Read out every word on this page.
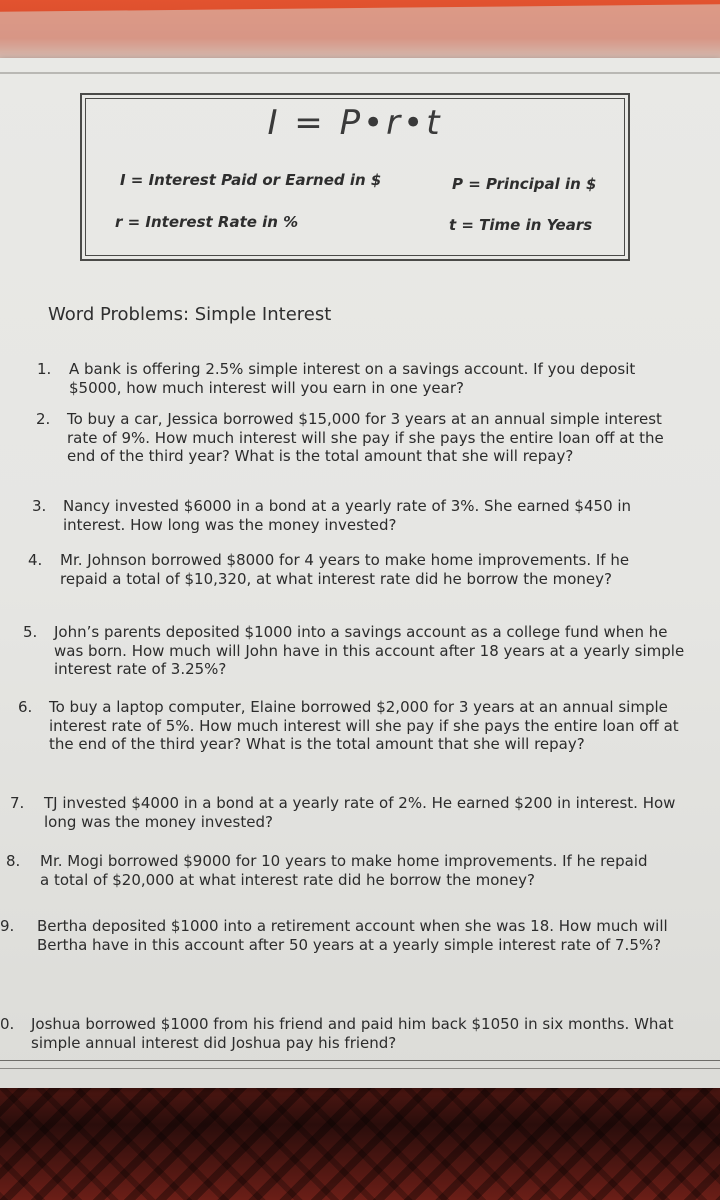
I = P•r•t
I = Interest Paid or Earned in $	P = Principal in $
r = Interest Rate in %	t = Time in Years
Word Problems: Simple Interest
1.	A bank is offering 2.5% simple interest on a savings account. If you deposit $5000, how much interest will you earn in one year?
2.	To buy a car, Jessica borrowed $15,000 for 3 years at an annual simple interest rate of 9%. How much interest will she pay if she pays the entire loan off at the end of the third year? What is the total amount that she will repay?
3.	Nancy invested $6000 in a bond at a yearly rate of 3%. She earned $450 in interest. How long was the money invested?
4.	Mr. Johnson borrowed $8000 for 4 years to make home improvements. If he repaid a total of $10,320, at what interest rate did he borrow the money?
5.	John’s parents deposited $1000 into a savings account as a college fund when he was born. How much will John have in this account after 18 years at a yearly simple interest rate of 3.25%?
6.	To buy a laptop computer, Elaine borrowed $2,000 for 3 years at an annual simple interest rate of 5%. How much interest will she pay if she pays the entire loan off at the end of the third year? What is the total amount that she will repay?
7.	TJ invested $4000 in a bond at a yearly rate of 2%. He earned $200 in interest. How long was the money invested?
8.	Mr. Mogi borrowed $9000 for 10 years to make home improvements. If he repaid a total of $20,000 at what interest rate did he borrow the money?
9.	Bertha deposited $1000 into a retirement account when she was 18. How much will Bertha have in this account after 50 years at a yearly simple interest rate of 7.5%?
0.	Joshua borrowed $1000 from his friend and paid him back $1050 in six months. What simple annual interest did Joshua pay his friend?
